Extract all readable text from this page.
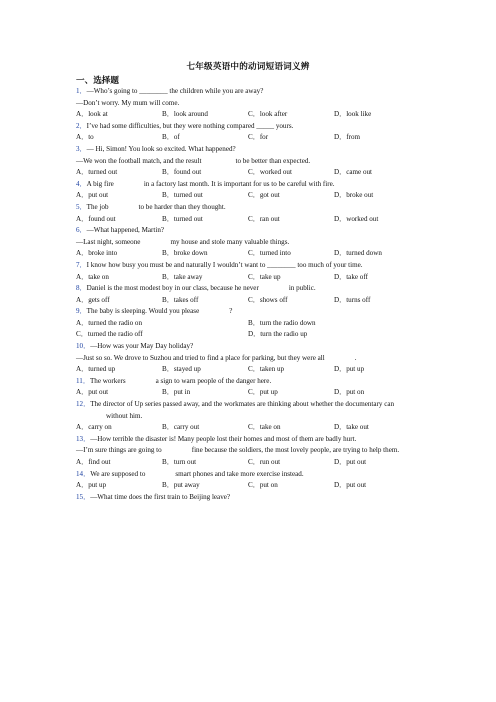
七年级英语中的动词短语词义辨
一、选择题
1．—Who’s going to ________ the children while you are away?
—Don’t worry. My mum will come.
A．look at	B．look around	C．look after	D．look like
2．I’ve had some difficulties, but they were nothing compared _____ yours.
A．to	B．of	C．for	D．from
3．— Hi, Simon! You look so excited. What happened?
—We won the football match, and the result	to be better than expected.
A．turned out	B．found out	C．worked out	D．came out
4．A big fire	in a factory last month. It is important for us to be careful with fire.
A．put out	B．turned out	C．got out	D．broke out
5．The job	to be harder than they thought.
A．found out	B．turned out	C．ran out	D．worked out
6．—What happened, Martin?
—Last night, someone	my house and stole many valuable things.
A．broke into	B．broke down	C．turned into	D．turned down
7．I know how busy you must be and naturally I wouldn’t want to ________ too much of your time.
A．take on	B．take away	C．take up	D．take off
8．Daniel is the most modest boy in our class, because he never	in public.
A．gets off	B．takes off	C．shows off	D．turns off
9．The baby is sleeping. Would you please	?
A．turned the radio on	B．turn the radio down
C．turned the radio off	D．turn the radio up
10．—How was your May Day holiday?
—Just so so. We drove to Suzhou and tried to find a place for parking, but they were all	.
A．turned up	B．stayed up	C．taken up	D．put up
11．The workers	a sign to warn people of the danger here.
A．put out	B．put in	C．put up	D．put on
12．The director of Up series passed away, and the workmates are thinking about whether the documentary canwithout him.
A．carry on	B．carry out	C．take on	D．take out
13．—How terrible the disaster is! Many people lost their homes and most of them are badly hurt.
—I’m sure things are going to	fine because the soldiers, the most lovely people, are trying to help them.
A．find out	B．turn out	C．run out	D．put out
14．We are supposed to	smart phones and take more exercise instead.
A．put up	B．put away	C．put on	D．put out
15．—What time does the first train to Beijing leave?
